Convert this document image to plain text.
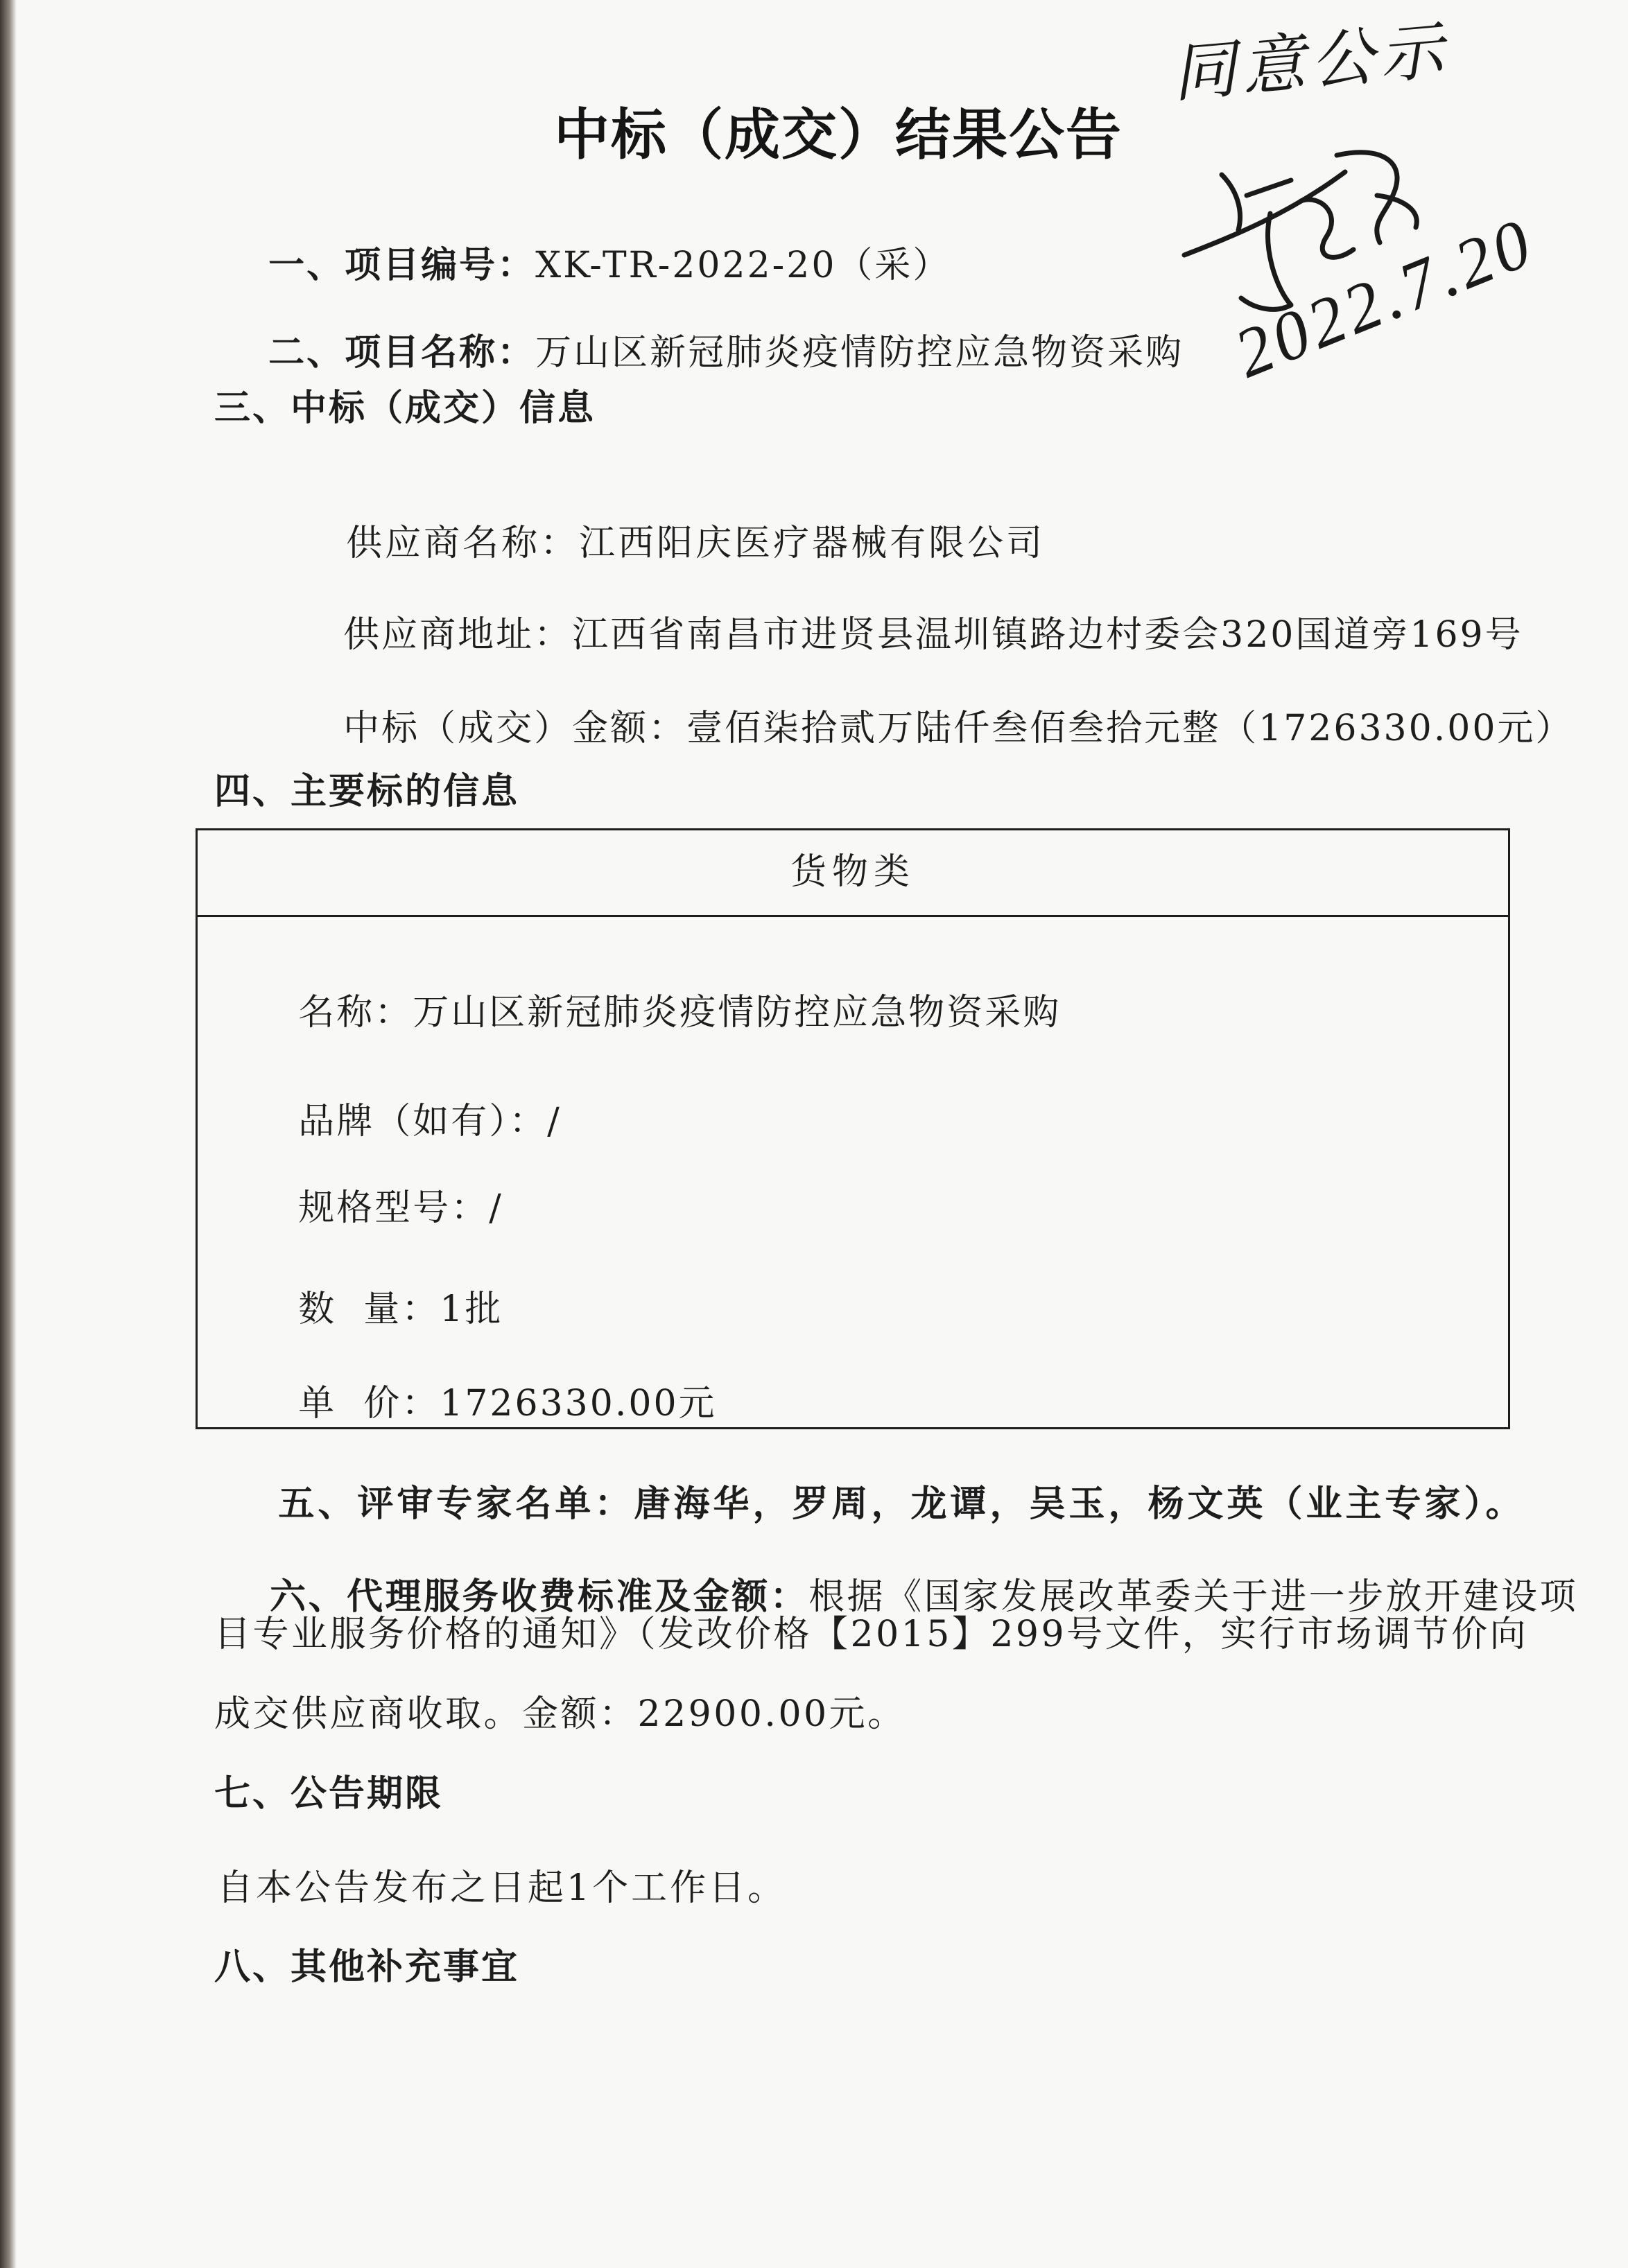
中标（成交）结果公告
同意公示
2022.7.20

一、项目编号：XK-TR-2022-20（采）

二、项目名称：万山区新冠肺炎疫情防控应急物资采购

三、中标（成交）信息

供应商名称：江西阳庆医疗器械有限公司

供应商地址：江西省南昌市进贤县温圳镇路边村委会320国道旁169号

中标（成交）金额：壹佰柒拾贰万陆仟叁佰叁拾元整（1726330.00元）

四、主要标的信息
货物类

名称：万山区新冠肺炎疫情防控应急物资采购

品牌（如有）：/

规格型号：/

数  量：1批

单  价：1726330.00元

五、评审专家名单：唐海华，罗周，龙谭，吴玉，杨文英（业主专家）。

六、代理服务收费标准及金额：根据《国家发展改革委关于进一步放开建设项

目专业服务价格的通知》（发改价格【2015】299号文件，实行市场调节价向
成交供应商收取。金额：22900.00元。
七、公告期限
自本公告发布之日起1个工作日。
八、其他补充事宜
